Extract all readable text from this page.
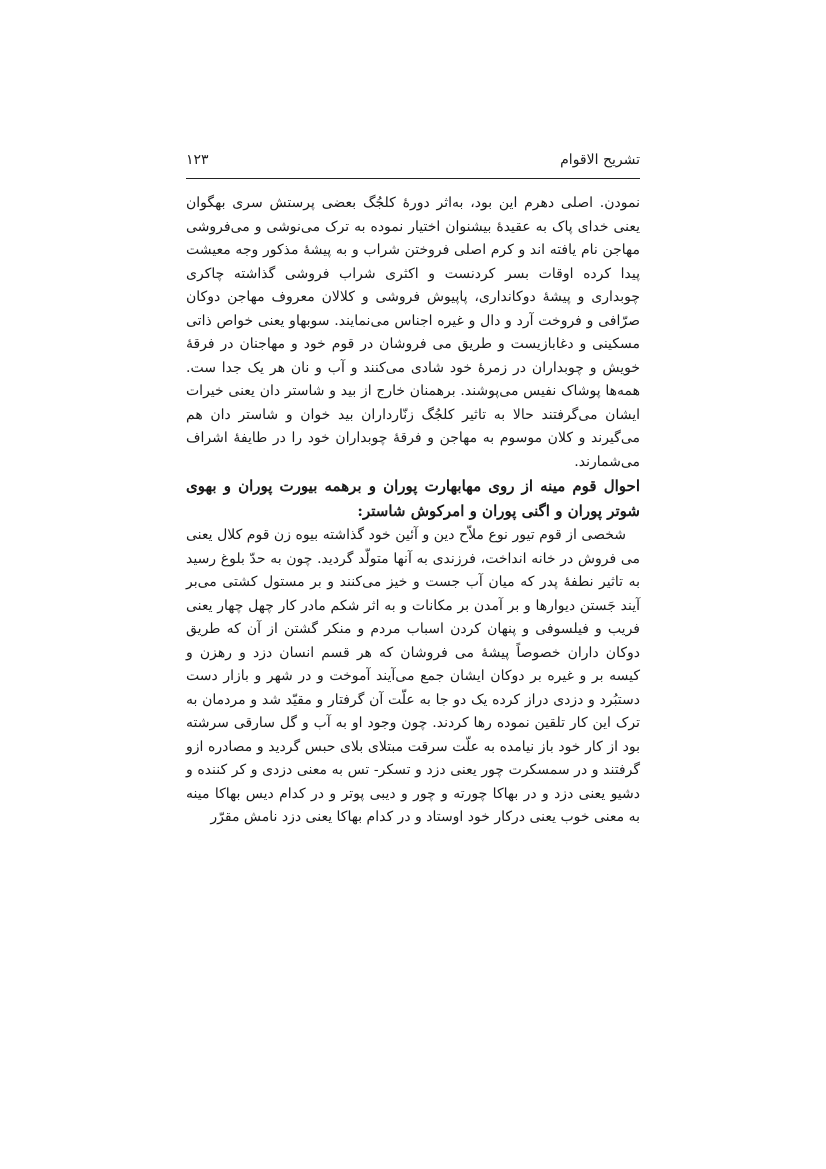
تشریح الاقوام
۱۲۳

نمودن. اصلی دهرم این بود، به‌اثر دورهٔ کلجُگ بعضی پرستش سری بهگوان یعنی خدای پاک به عقیدهٔ بیشنوان اختیار نموده به ترک می‌نوشی و می‌فروشی مهاجن نام یافته اند و کرم اصلی فروختن شراب و به پیشهٔ مذکور وجه معیشت پیدا کرده اوقات بسر کردنست و اکثری شراب فروشی گذاشته چاکری چوبداری و پیشهٔ دوکانداری، پاپیوش فروشی و کلالان معروف مهاجن دوکان صرّافی و فروخت آرد و دال و غیره اجناس می‌نمایند. سوبهاو یعنی خواص ذاتی مسکینی و دغابازیست و طریق می فروشان در قوم خود و مهاجنان در فرقهٔ خویش و چوبداران در زمرهٔ خود شادی می‌کنند و آب و نان هر یک جدا ست. همه‌ها پوشاک نفیس می‌پوشند. برهمنان خارج از بید و شاستر دان یعنی خیرات ایشان می‌گرفتند حالا به تاثیر کلجُگ زنّارداران بید خوان و شاستر دان هم می‌گیرند و کلان موسوم به مهاجن و فرقهٔ چوبداران خود را در طایفهٔ اشراف می‌شمارند.

احوال قوم مینه از روی مهابهارت پوران و برهمه بیورت پوران و بهوی شوتر پوران و اگنی پوران و امرکوش شاستر:

شخصی از قوم تیور نوع ملاّح دین و آئین خود گذاشته بیوه زن قوم کلال یعنی می فروش در خانه انداخت، فرزندی به آنها متولّد گردید. چون به حدّ بلوغ رسید به تاثیر نطفهٔ پدر که میان آب جست و خیز می‌کنند و بر مستول کشتی می‌بر آیند جَستن دیوارها و بر آمدن بر مکانات و به اثر شکم مادر کار چهل چهار یعنی فریب و فیلسوفی و پنهان کردن اسباب مردم و منکر گشتن از آن که طریق دوکان داران خصوصاً پیشهٔ می فروشان که هر قسم انسان دزد و رهزن و کیسه بر و غیره بر دوکان ایشان جمع می‌آیند آموخت و در شهر و بازار دست دستبُرد و دزدی دراز کرده یک دو جا به علّت آن گرفتار و مقیّد شد و مردمان به ترک این کار تلقین نموده رها کردند. چون وجود او به آب و گل سارقی سرشته بود از کار خود باز نیامده به علّت سرقت مبتلای بلای حبس گردید و مصادره ازو گرفتند و در سمسکرت چور یعنی دزد و تسکر- تس به معنی دزدی و کر کننده و دشیو یعنی دزد و در بهاکا چورته و چور و دیبی پوتر و در کدام دیس بهاکا مینه به معنی خوب یعنی درکار خود اوستاد و در کدام بهاکا یعنی دزد نامش مقرّر
